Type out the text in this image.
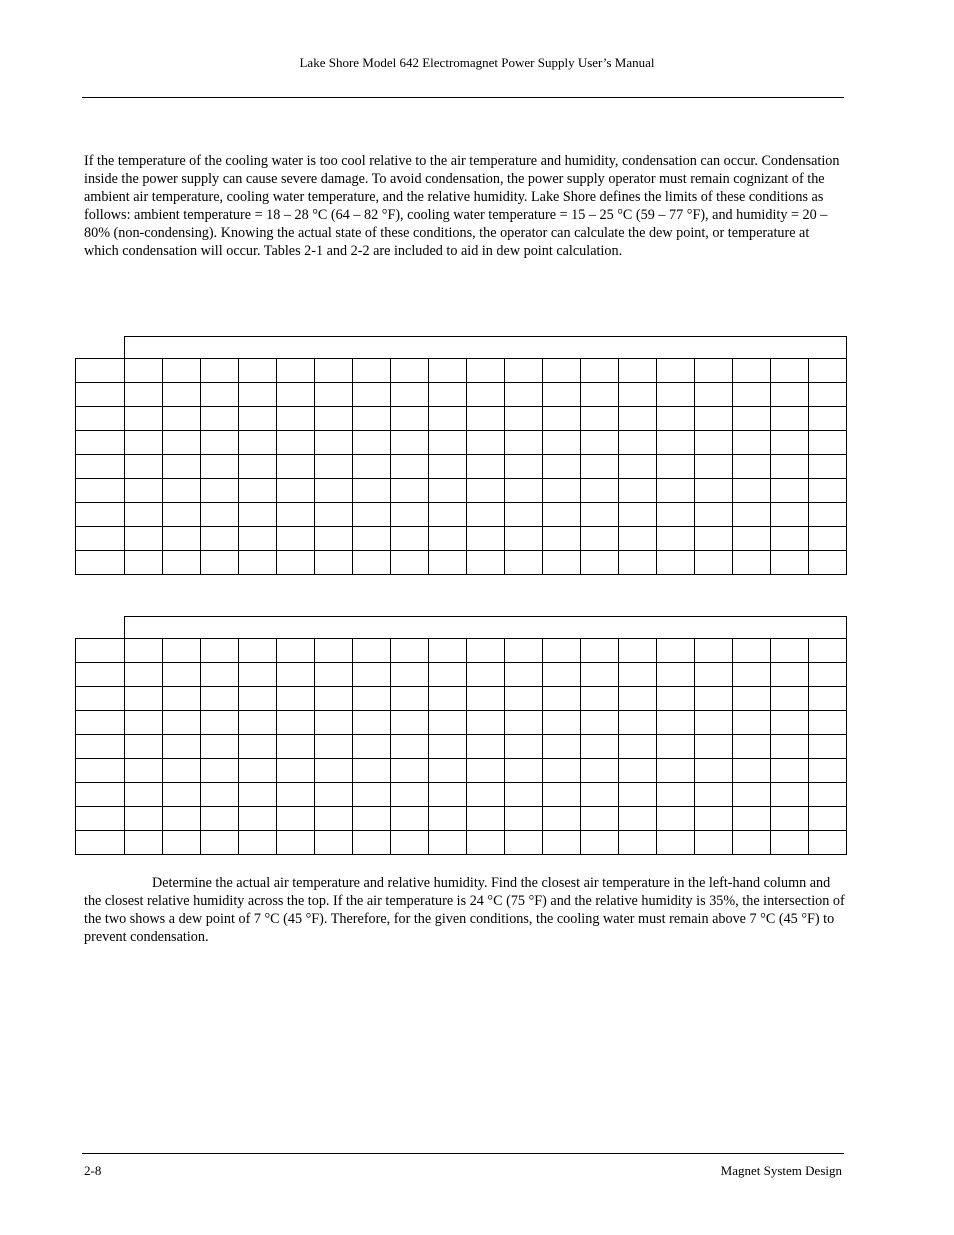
Lake Shore Model 642 Electromagnet Power Supply User’s Manual

If the temperature of the cooling water is too cool relative to the air temperature and humidity, condensation can occur. Condensation inside the power supply can cause severe damage. To avoid condensation, the power supply operator must remain cognizant of the ambient air temperature, cooling water temperature, and the relative humidity. Lake Shore defines the limits of these conditions as follows: ambient temperature = 18 – 28 °C (64 – 82 °F), cooling water temperature = 15 – 25 °C (59 – 77 °F), and humidity = 20 – 80% (non-condensing). Knowing the actual state of these conditions, the operator can calculate the dew point, or temperature at which condensation will occur. Tables 2-1 and 2-2 are included to aid in dew point calculation.

Determine the actual air temperature and relative humidity. Find the closest air temperature in the left-hand column and the closest relative humidity across the top. If the air temperature is 24 °C (75 °F) and the relative humidity is 35%, the intersection of the two shows a dew point of 7 °C (45 °F). Therefore, for the given conditions, the cooling water must remain above 7 °C (45 °F) to prevent condensation.

2-8	Magnet System Design
